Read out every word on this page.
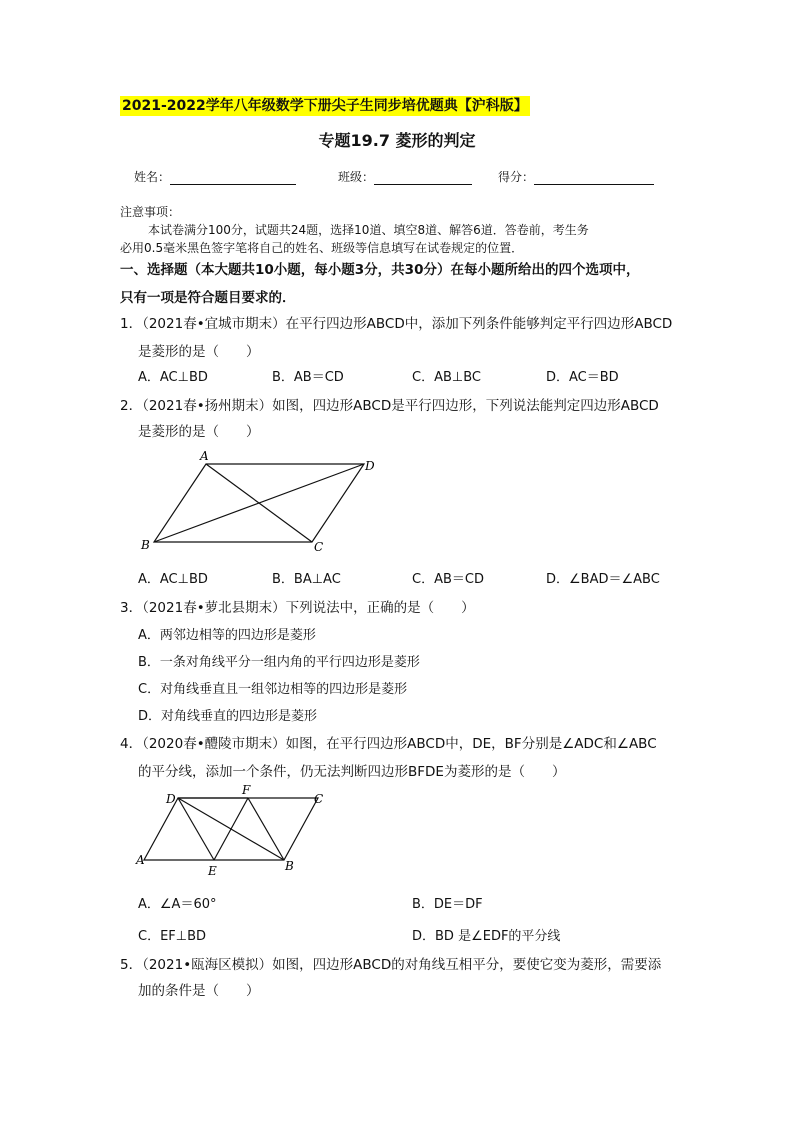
2021-2022学年八年级数学下册尖子生同步培优题典【沪科版】
专题19.7 菱形的判定
姓名：	班级：	得分：
注意事项：
本试卷满分100分，试题共24题，选择10道、填空8道、解答6道．答卷前，考生务
必用0.5毫米黑色签字笔将自己的姓名、班级等信息填写在试卷规定的位置．
一、选择题（本大题共10小题，每小题3分，共30分）在每小题所给出的四个选项中，
只有一项是符合题目要求的．
1．（2021春•宜城市期末）在平行四边形ABCD中，添加下列条件能够判定平行四边形ABCD
是菱形的是（　　）
A．AC⊥BD	B．AB＝CD	C．AB⊥BC	D．AC＝BD
2．（2021春•扬州期末）如图，四边形ABCD是平行四边形，下列说法能判定四边形ABCD
是菱形的是（　　）
A
D
B	C
A．AC⊥BD	B．BA⊥AC	C．AB＝CD	D．∠BAD＝∠ABC
3．（2021春•萝北县期末）下列说法中，正确的是（　　）
A．两邻边相等的四边形是菱形
B．一条对角线平分一组内角的平行四边形是菱形
C．对角线垂直且一组邻边相等的四边形是菱形
D．对角线垂直的四边形是菱形
4．（2020春•醴陵市期末）如图，在平行四边形ABCD中，DE，BF分别是∠ADC和∠ABC
的平分线，添加一个条件，仍无法判断四边形BFDE为菱形的是（　　）
D
F
C
A
E	B
A．∠A＝60°	B．DE＝DF
C．EF⊥BD	D．BD 是∠EDF的平分线
5．（2021•瓯海区模拟）如图，四边形ABCD的对角线互相平分，要使它变为菱形，需要添
加的条件是（　　）
